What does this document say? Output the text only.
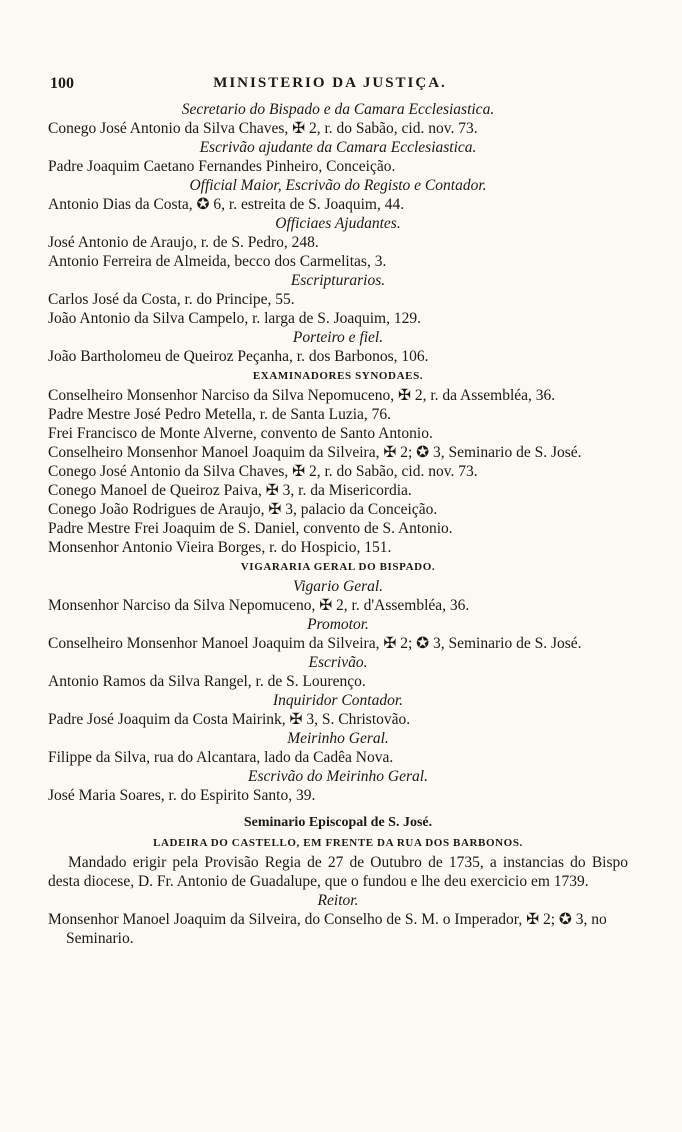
100	MINISTERIO DA JUSTIÇA.
Secretario do Bispado e da Camara Ecclesiastica.
Conego José Antonio da Silva Chaves, ✠ 2, r. do Sabão, cid. nov. 73.
Escrivão ajudante da Camara Ecclesiastica.
Padre Joaquim Caetano Fernandes Pinheiro, Conceição.
Official Maior, Escrivão do Registo e Contador.
Antonio Dias da Costa, ✪ 6, r. estreita de S. Joaquim, 44.
Officiaes Ajudantes.
José Antonio de Araujo, r. de S. Pedro, 248.
Antonio Ferreira de Almeida, becco dos Carmelitas, 3.
Escripturarios.
Carlos José da Costa, r. do Principe, 55.
João Antonio da Silva Campelo, r. larga de S. Joaquim, 129.
Porteiro e fiel.
João Bartholomeu de Queiroz Peçanha, r. dos Barbonos, 106.
EXAMINADORES SYNODAES.
Conselheiro Monsenhor Narciso da Silva Nepomuceno, ✠ 2, r. da Assembléa, 36.
Padre Mestre José Pedro Metella, r. de Santa Luzia, 76.
Frei Francisco de Monte Alverne, convento de Santo Antonio.
Conselheiro Monsenhor Manoel Joaquim da Silveira, ✠ 2; ✪ 3, Seminario de S. José.
Conego José Antonio da Silva Chaves, ✠ 2, r. do Sabão, cid. nov. 73.
Conego Manoel de Queiroz Paiva, ✠ 3, r. da Misericordia.
Conego João Rodrigues de Araujo, ✠ 3, palacio da Conceição.
Padre Mestre Frei Joaquim de S. Daniel, convento de S. Antonio.
Monsenhor Antonio Vieira Borges, r. do Hospicio, 151.
VIGARARIA GERAL DO BISPADO.
Vigario Geral.
Monsenhor Narciso da Silva Nepomuceno, ✠ 2, r. d'Assembléa, 36.
Promotor.
Conselheiro Monsenhor Manoel Joaquim da Silveira, ✠ 2; ✪ 3, Seminario de S. José.
Escrivão.
Antonio Ramos da Silva Rangel, r. de S. Lourenço.
Inquiridor Contador.
Padre José Joaquim da Costa Mairink, ✠ 3, S. Christovão.
Meirinho Geral.
Filippe da Silva, rua do Alcantara, lado da Cadêa Nova.
Escrivão do Meirinho Geral.
José Maria Soares, r. do Espirito Santo, 39.
Seminario Episcopal de S. José.
LADEIRA DO CASTELLO, EM FRENTE DA RUA DOS BARBONOS.
Mandado erigir pela Provisão Regia de 27 de Outubro de 1735, a instancias do Bispo desta diocese, D. Fr. Antonio de Guadalupe, que o fundou e lhe deu exercicio em 1739.
Reitor.
Monsenhor Manoel Joaquim da Silveira, do Conselho de S. M. o Imperador, ✠ 2; ✪ 3, no Seminario.
